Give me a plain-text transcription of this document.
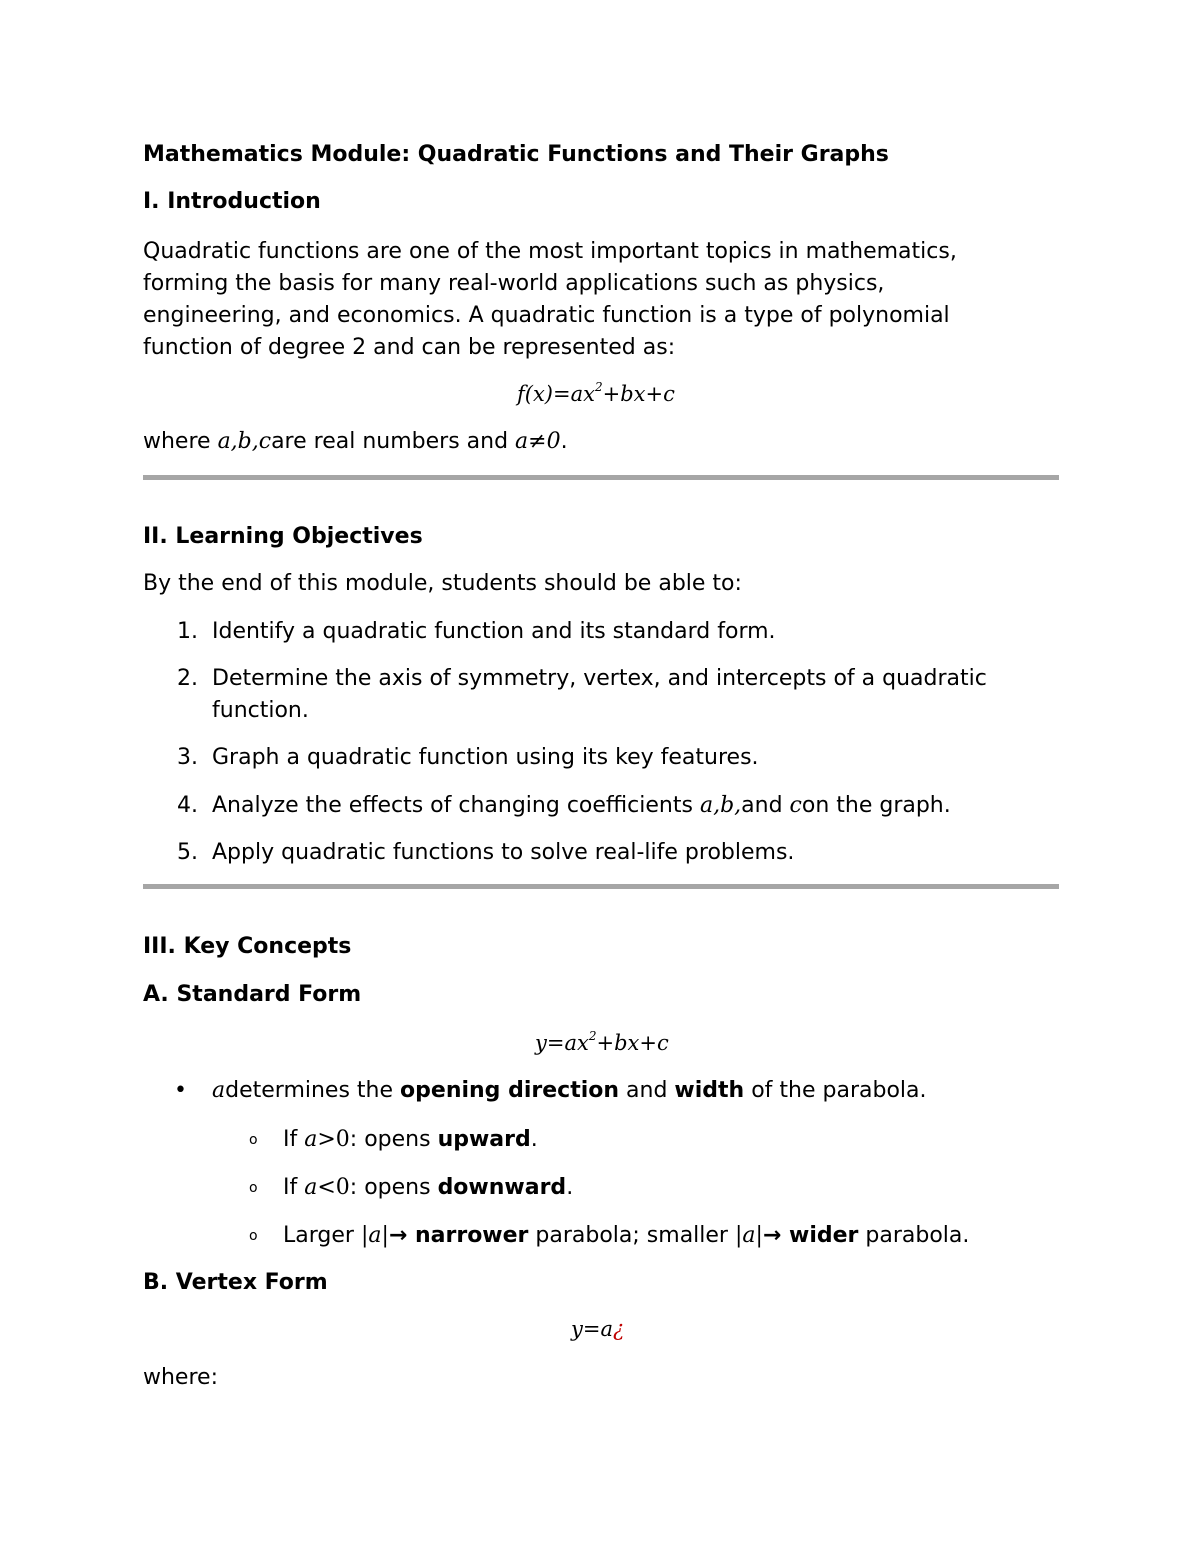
Mathematics Module: Quadratic Functions and Their Graphs
I. Introduction
Quadratic functions are one of the most important topics in mathematics,
forming the basis for many real-world applications such as physics,
engineering, and economics. A quadratic function is a type of polynomial
function of degree 2 and can be represented as:
$f(x)=ax^2+bx+c$
where a,b,care real numbers and a≠0.
II. Learning Objectives

By the end of this module, students should be able to:

1. Identify a quadratic function and its standard form.
2. Determine the axis of symmetry, vertex, and intercepts of a quadratic
function.
3. Graph a quadratic function using its key features.
4. Analyze the effects of changing coefficients a,b,and con the graph.
5. Apply quadratic functions to solve real-life problems.
III. Key Concepts
A. Standard Form
$y=ax^2+bx+c$
• adetermines the opening direction and width of the parabola.
o If a>0: opens upward.
o If a<0: opens downward.
o Larger |a|→ narrower parabola; smaller |a|→ wider parabola.
B. Vertex Form
y=a¿

where:
